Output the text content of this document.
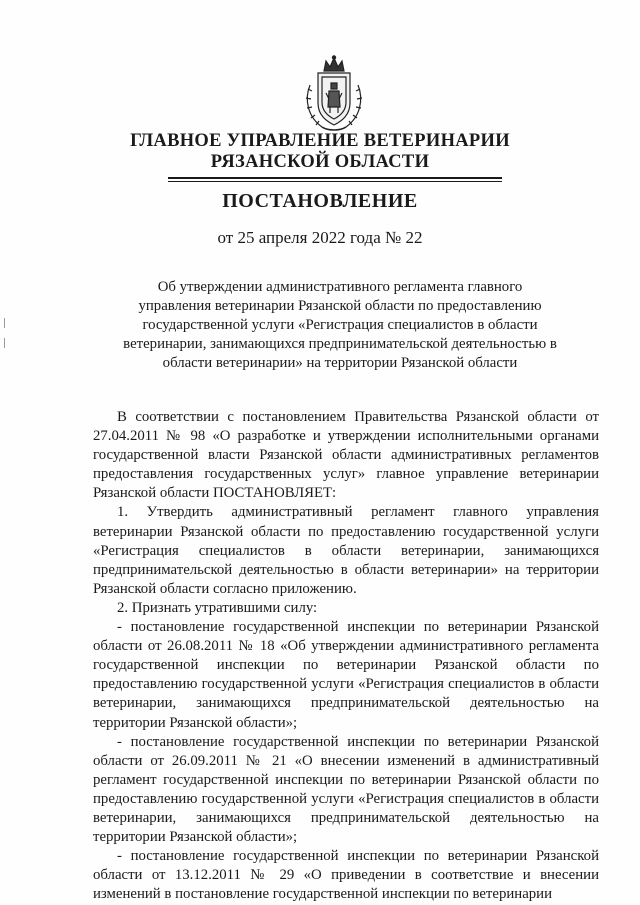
ГЛАВНОЕ УПРАВЛЕНИЕ ВЕТЕРИНАРИИ
РЯЗАНСКОЙ ОБЛАСТИ
ПОСТАНОВЛЕНИЕ
от 25 апреля 2022 года № 22
Об утверждении административного регламента главного управления ветеринарии Рязанской области по предоставлению государственной услуги «Регистрация специалистов в области ветеринарии, занимающихся предпринимательской деятельностью в области ветеринарии» на территории Рязанской области

В соответствии с постановлением Правительства Рязанской области от 27.04.2011 № 98 «О разработке и утверждении исполнительными органами государственной власти Рязанской области административных регламентов предоставления государственных услуг» главное управление ветеринарии Рязанской области ПОСТАНОВЛЯЕТ:

1. Утвердить административный регламент главного управления ветеринарии Рязанской области по предоставлению государственной услуги «Регистрация специалистов в области ветеринарии, занимающихся предпринимательской деятельностью в области ветеринарии» на территории Рязанской области согласно приложению.

2. Признать утратившими силу:

- постановление государственной инспекции по ветеринарии Рязанской области от 26.08.2011 № 18 «Об утверждении административного регламента государственной инспекции по ветеринарии Рязанской области по предоставлению государственной услуги «Регистрация специалистов в области ветеринарии, занимающихся предпринимательской деятельностью на территории Рязанской области»;

- постановление государственной инспекции по ветеринарии Рязанской области от 26.09.2011 № 21 «О внесении изменений в административный регламент государственной инспекции по ветеринарии Рязанской области по предоставлению государственной услуги «Регистрация специалистов в области ветеринарии, занимающихся предпринимательской деятельностью на территории Рязанской области»;

- постановление государственной инспекции по ветеринарии Рязанской области от 13.12.2011 № 29 «О приведении в соответствие и внесении изменений в постановление государственной инспекции по ветеринарии
